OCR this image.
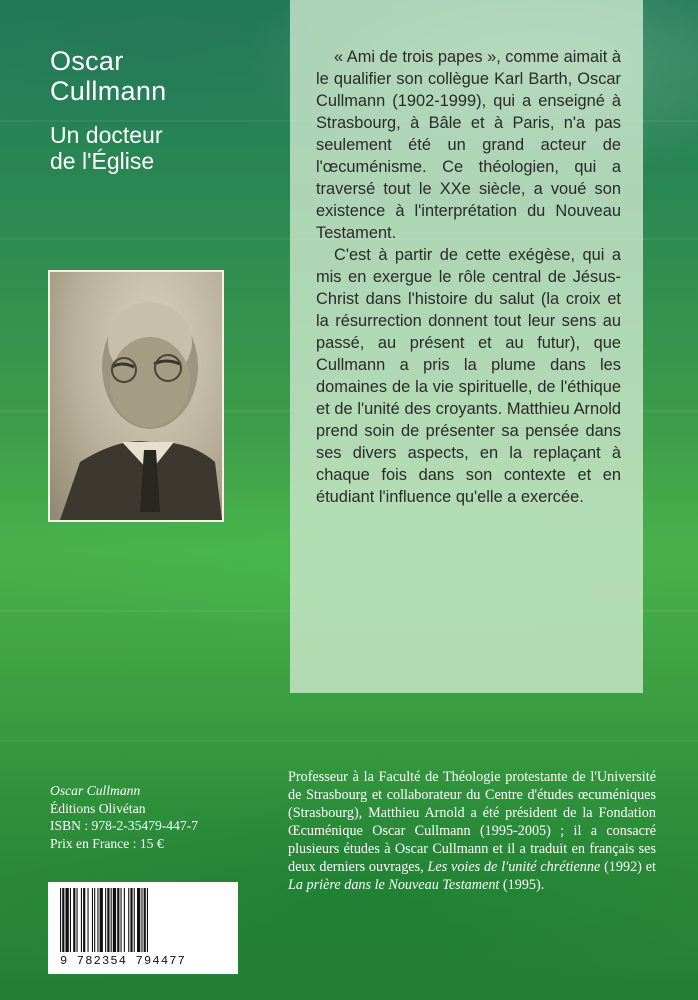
Oscar
Cullmann
Un docteur
de l'Église

« Ami de trois papes », comme aimait à le qualifier son collègue Karl Barth, Oscar Cullmann (1902-1999), qui a enseigné à Strasbourg, à Bâle et à Paris, n'a pas seulement été un grand acteur de l'œcuménisme. Ce théologien, qui a traversé tout le XXe siècle, a voué son existence à l'interprétation du Nouveau Testament.

C'est à partir de cette exégèse, qui a mis en exergue le rôle central de Jésus-Christ dans l'histoire du salut (la croix et la résurrection donnent tout leur sens au passé, au présent et au futur), que Cullmann a pris la plume dans les domaines de la vie spirituelle, de l'éthique et de l'unité des croyants. Matthieu Arnold prend soin de présenter sa pensée dans ses divers aspects, en la replaçant à chaque fois dans son contexte et en étudiant l'influence qu'elle a exercée.

Professeur à la Faculté de Théologie protestante de l'Université de Strasbourg et collaborateur du Centre d'études œcuméniques (Strasbourg), Matthieu Arnold a été président de la Fondation Œcuménique Oscar Cullmann (1995-2005) ; il a consacré plusieurs études à Oscar Cullmann et il a traduit en français ses deux derniers ouvrages, Les voies de l'unité chrétienne (1992) et La prière dans le Nouveau Testament (1995).
Oscar Cullmann
Éditions Olivétan
ISBN : 978-2-35479-447-7
Prix en France : 15 €
9 782354 794477
